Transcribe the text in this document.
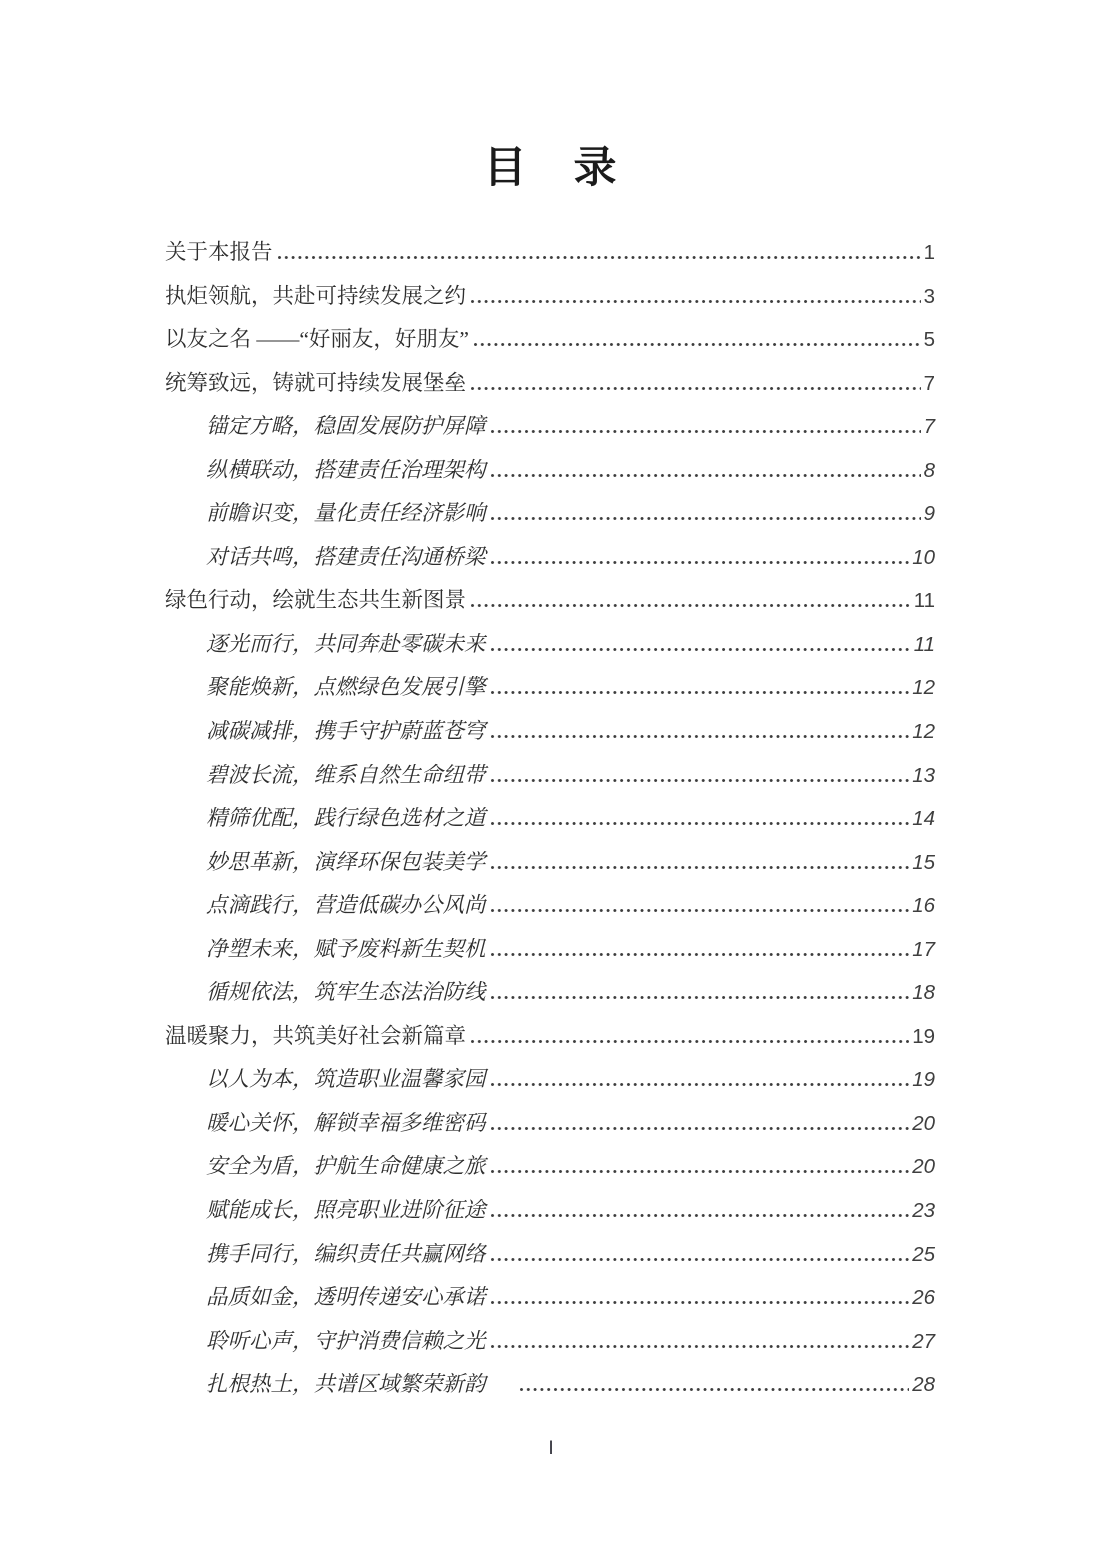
目　录
关于本报告	1
执炬领航，共赴可持续发展之约	3
以友之名 ——“好丽友，好朋友”	5
统筹致远，铸就可持续发展堡垒	7
锚定方略，稳固发展防护屏障	7
纵横联动，搭建责任治理架构	8
前瞻识变，量化责任经济影响	9
对话共鸣，搭建责任沟通桥梁	10
绿色行动，绘就生态共生新图景	11
逐光而行，共同奔赴零碳未来	11
聚能焕新，点燃绿色发展引擎	12
减碳减排，携手守护蔚蓝苍穹	12
碧波长流，维系自然生命纽带	13
精筛优配，践行绿色选材之道	14
妙思革新，演绎环保包装美学	15
点滴践行，营造低碳办公风尚	16
净塑未来，赋予废料新生契机	17
循规依法，筑牢生态法治防线	18
温暖聚力，共筑美好社会新篇章	19
以人为本，筑造职业温馨家园	19
暖心关怀，解锁幸福多维密码	20
安全为盾，护航生命健康之旅	20
赋能成长，照亮职业进阶征途	23
携手同行，编织责任共赢网络	25
品质如金，透明传递安心承诺	26
聆听心声，守护消费信赖之光	27
扎根热土，共谱区域繁荣新韵	28
I
